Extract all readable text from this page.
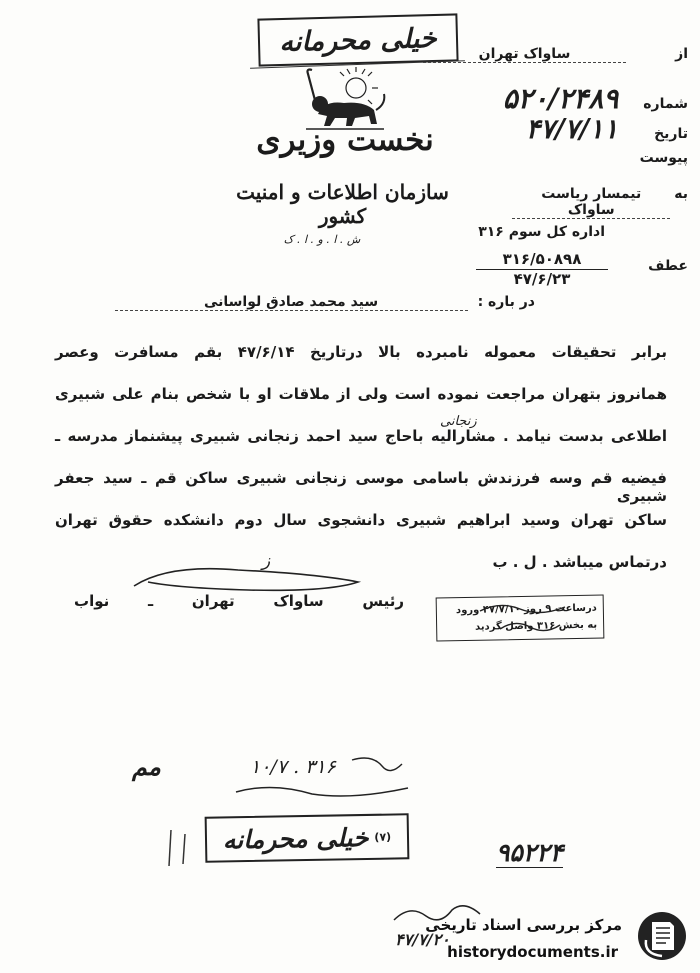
خیلی محرمانه
نخست وزیری
سازمان اطلاعات و امنیت کشور
ش . ا . و . ا . ک
از
ساواک تهران
شماره
۵۲۰/۲۴۸۹
تاریخ
۴۷/۷/۱۱
پیوست
به
تیمسار ریاست ساواک
اداره کل سوم ۳۱۶
عطف
۳۱۶/۵۰۸۹۸
۴۷/۶/۲۳
در باره :
سید محمد صادق لواسانی
برابر تحقیقات معموله نامبرده بالا درتاریخ ۴۷/۶/۱۴ بقم مسافرت وعصر
همانروز بتهران مراجعت نموده است ولی از ملاقات او با شخص بنام علی شبیری
زنجانی
اطلاعی بدست نیامد . مشارالیه باحاج سید احمد زنجانی شبیری پیشنماز مدرسه ـ
فیضیه قم وسه فرزندش باسامی موسی زنجانی شبیری ساکن قم ـ سید جعفر شبیری
ساکن تهران وسید ابراهیم شبیری دانشجوی سال دوم دانشکده حقوق تهران
درتماس میباشد . ل . ب
ز
رئیس ساواک تهران ـ نواب
درساعت ۹ روز ۴۷/۷/۱۰ ورود
به بخش ۳۱۶ واصل گردید
مم	۳۱۶ . ۱۰/۷
(۷)
خیلی محرمانه	۹۵۲۲۴
۴۷/۷/۲۰
مرکز بررسی اسناد تاریخی
historydocuments.ir
